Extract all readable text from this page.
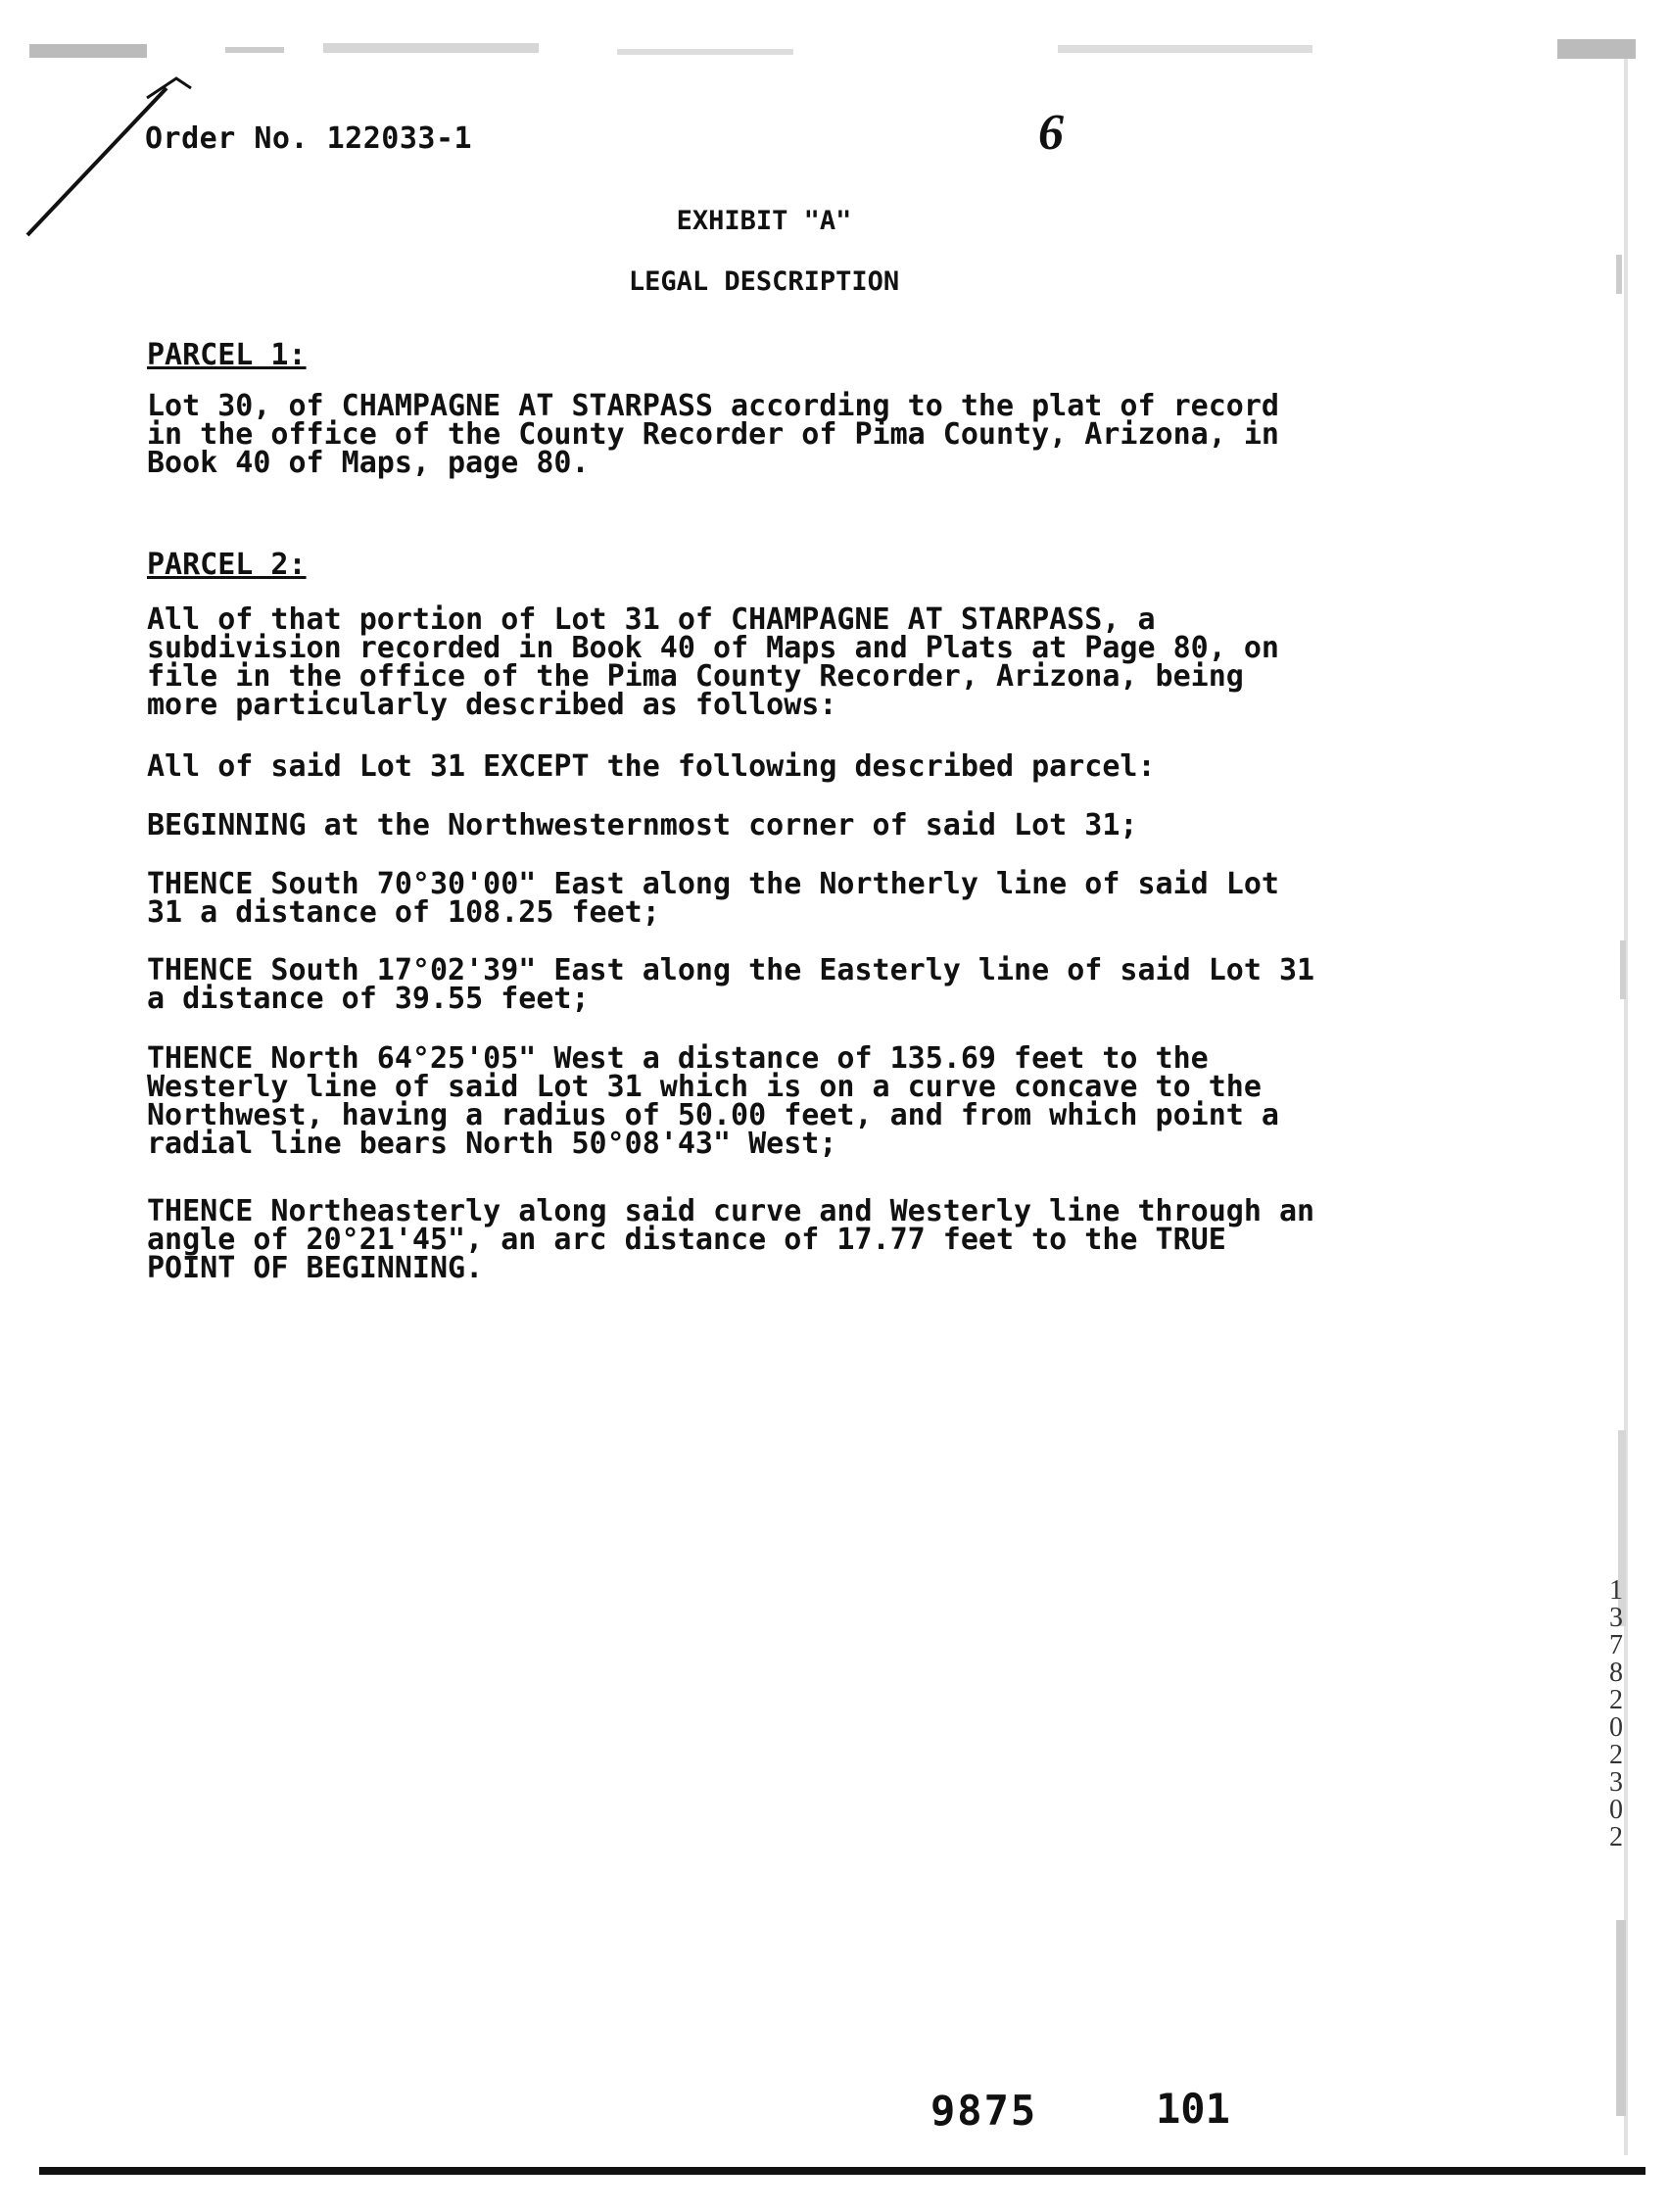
Order No. 122033-1	6
EXHIBIT "A"
LEGAL DESCRIPTION
PARCEL 1:
Lot 30, of CHAMPAGNE AT STARPASS according to the plat of record
in the office of the County Recorder of Pima County, Arizona, in
Book 40 of Maps, page 80.
PARCEL 2:
All of that portion of Lot 31 of CHAMPAGNE AT STARPASS, a
subdivision recorded in Book 40 of Maps and Plats at Page 80, on
file in the office of the Pima County Recorder, Arizona, being
more particularly described as follows:
All of said Lot 31 EXCEPT the following described parcel:
BEGINNING at the Northwesternmost corner of said Lot 31;
THENCE South 70°30'00" East along the Northerly line of said Lot
31 a distance of 108.25 feet;
THENCE South 17°02'39" East along the Easterly line of said Lot 31
a distance of 39.55 feet;
THENCE North 64°25'05" West a distance of 135.69 feet to the
Westerly line of said Lot 31 which is on a curve concave to the
Northwest, having a radius of 50.00 feet, and from which point a
radial line bears North 50°08'43" West;
THENCE Northeasterly along said curve and Westerly line through an
angle of 20°21'45", an arc distance of 17.77 feet to the TRUE
POINT OF BEGINNING.
13782 02302
9875	101
